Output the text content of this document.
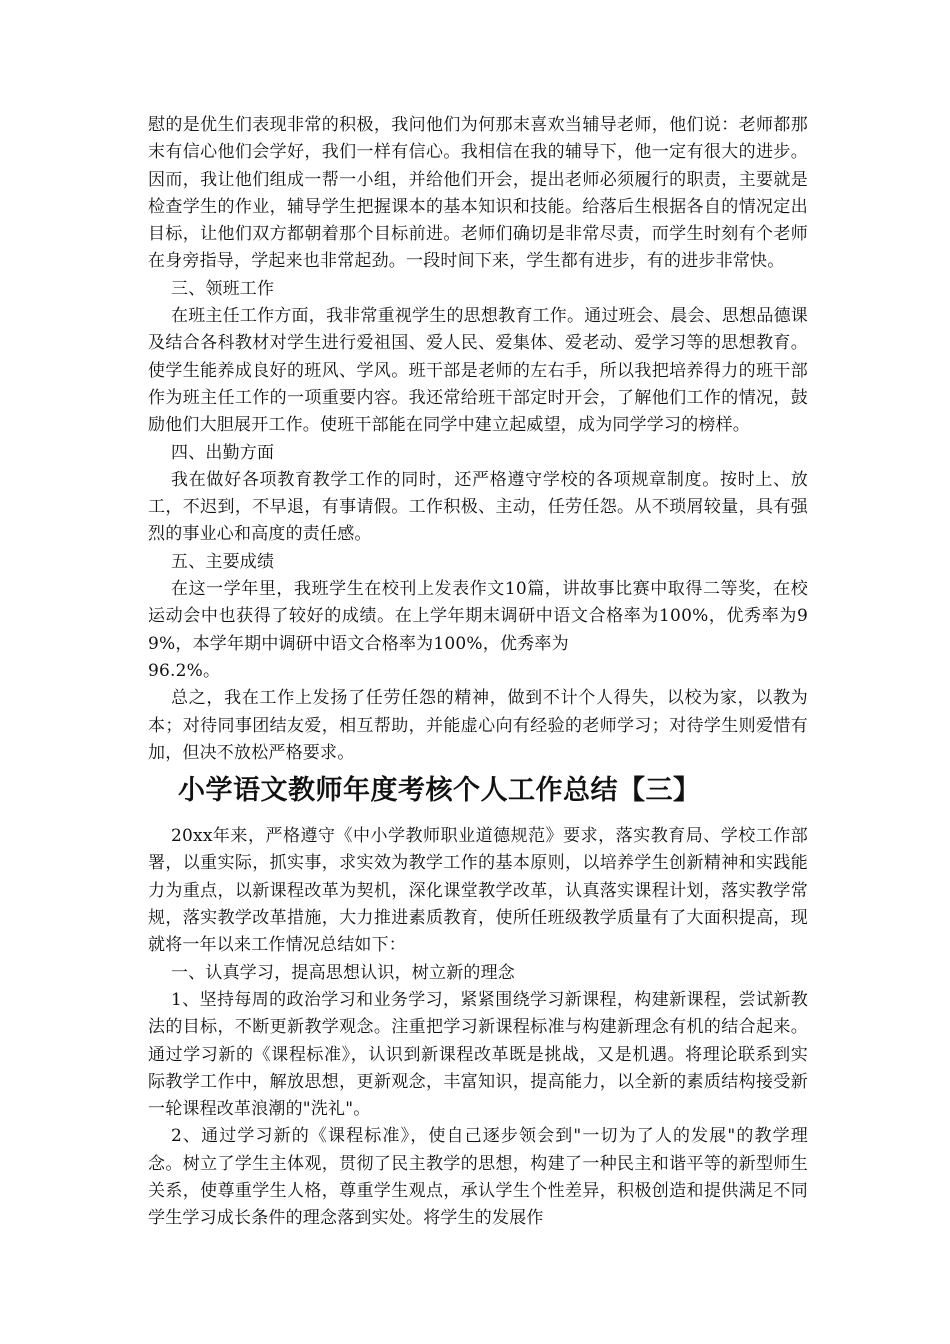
慰的是优生们表现非常的积极，我问他们为何那末喜欢当辅导老师，他们说：老师都那末有信心他们会学好，我们一样有信心。我相信在我的辅导下，他一定有很大的进步。因而，我让他们组成一帮一小组，并给他们开会，提出老师必须履行的职责，主要就是检查学生的作业，辅导学生把握课本的基本知识和技能。给落后生根据各自的情况定出目标，让他们双方都朝着那个目标前进。老师们确切是非常尽责，而学生时刻有个老师在身旁指导，学起来也非常起劲。一段时间下来，学生都有进步，有的进步非常快。

三、领班工作

在班主任工作方面，我非常重视学生的思想教育工作。通过班会、晨会、思想品德课及结合各科教材对学生进行爱祖国、爱人民、爱集体、爱老动、爱学习等的思想教育。使学生能养成良好的班风、学风。班干部是老师的左右手，所以我把培养得力的班干部作为班主任工作的一项重要内容。我还常给班干部定时开会，了解他们工作的情况，鼓励他们大胆展开工作。使班干部能在同学中建立起威望，成为同学学习的榜样。

四、出勤方面

我在做好各项教育教学工作的同时，还严格遵守学校的各项规章制度。按时上、放工，不迟到，不早退，有事请假。工作积极、主动，任劳任怨。从不琐屑较量，具有强烈的事业心和高度的责任感。

五、主要成绩

在这一学年里，我班学生在校刊上发表作文10篇，讲故事比赛中取得二等奖，在校运动会中也获得了较好的成绩。在上学年期末调研中语文合格率为100%，优秀率为99%，本学年期中调研中语文合格率为100%，优秀率为

96.2%。

总之，我在工作上发扬了任劳任怨的精神，做到不计个人得失，以校为家，以教为本；对待同事团结友爱，相互帮助，并能虚心向有经验的老师学习；对待学生则爱惜有加，但决不放松严格要求。

小学语文教师年度考核个人工作总结【三】

20xx年来，严格遵守《中小学教师职业道德规范》要求，落实教育局、学校工作部署，以重实际，抓实事，求实效为教学工作的基本原则，以培养学生创新精神和实践能力为重点，以新课程改革为契机，深化课堂教学改革，认真落实课程计划，落实教学常规，落实教学改革措施，大力推进素质教育，使所任班级教学质量有了大面积提高，现就将一年以来工作情况总结如下：

一、认真学习，提高思想认识，树立新的理念

1、坚持每周的政治学习和业务学习，紧紧围绕学习新课程，构建新课程，尝试新教法的目标，不断更新教学观念。注重把学习新课程标准与构建新理念有机的结合起来。通过学习新的《课程标准》，认识到新课程改革既是挑战，又是机遇。将理论联系到实际教学工作中，解放思想，更新观念，丰富知识，提高能力，以全新的素质结构接受新一轮课程改革浪潮的"洗礼"。

2、通过学习新的《课程标准》，使自己逐步领会到"一切为了人的发展"的教学理念。树立了学生主体观，贯彻了民主教学的思想，构建了一种民主和谐平等的新型师生关系，使尊重学生人格，尊重学生观点，承认学生个性差异，积极创造和提供满足不同学生学习成长条件的理念落到实处。将学生的发展作
